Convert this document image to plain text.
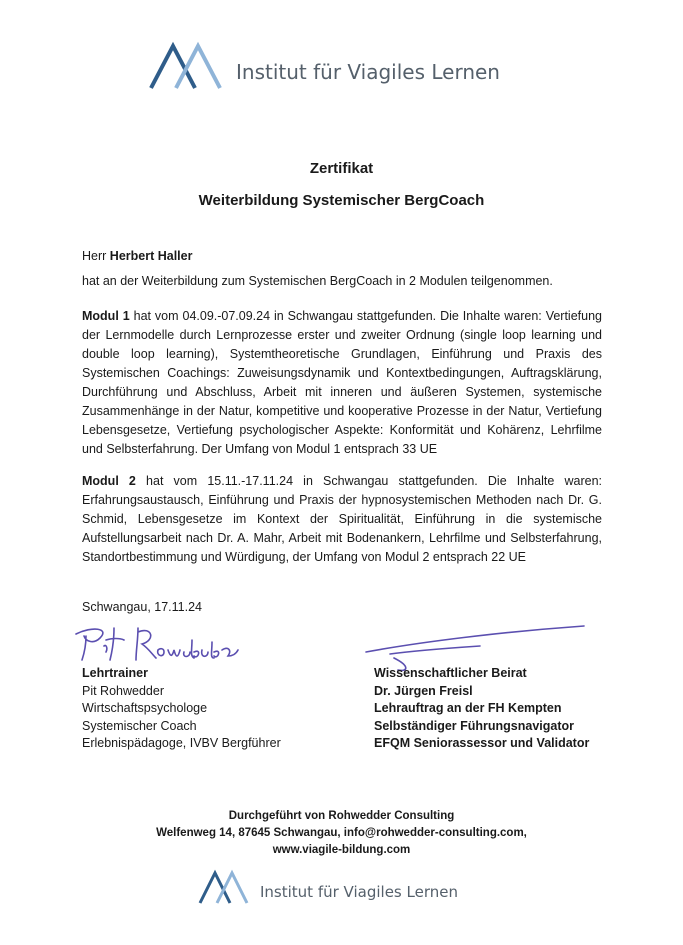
Institut für Viagiles Lernen
Zertifikat
Weiterbildung Systemischer BergCoach
Herr Herbert Haller
hat an der Weiterbildung zum Systemischen BergCoach in 2 Modulen teilgenommen.
Modul 1 hat vom 04.09.-07.09.24 in Schwangau stattgefunden. Die Inhalte waren: Vertiefung der Lernmodelle durch Lernprozesse erster und zweiter Ordnung (single loop learning und double loop learning), Systemtheoretische Grundlagen, Einführung und Praxis des Systemischen Coachings: Zuweisungsdynamik und Kontextbedingungen, Auftragsklärung, Durchführung und Abschluss, Arbeit mit inneren und äußeren Systemen, systemische Zusammenhänge in der Natur, kompetitive und kooperative Prozesse in der Natur, Vertiefung Lebensgesetze, Vertiefung psychologischer Aspekte: Konformität und Kohärenz, Lehrfilme und Selbsterfahrung. Der Umfang von Modul 1 entsprach 33 UE
Modul 2 hat vom 15.11.-17.11.24 in Schwangau stattgefunden. Die Inhalte waren: Erfahrungsaustausch, Einführung und Praxis der hypnosystemischen Methoden nach Dr. G. Schmid, Lebensgesetze im Kontext der Spiritualität, Einführung in die systemische Aufstellungsarbeit nach Dr. A. Mahr, Arbeit mit Bodenankern, Lehrfilme und Selbsterfahrung, Standortbestimmung und Würdigung, der Umfang von Modul 2 entsprach 22 UE
Schwangau, 17.11.24
Lehrtrainer
Pit Rohwedder
Wirtschaftspsychologe
Systemischer Coach
Erlebnispädagoge, IVBV Bergführer
Wissenschaftlicher Beirat
Dr. Jürgen Freisl
Lehrauftrag an der FH Kempten
Selbständiger Führungsnavigator
EFQM Seniorassessor und Validator
Durchgeführt von Rohwedder Consulting
Welfenweg 14, 87645 Schwangau, info@rohwedder-consulting.com,
www.viagile-bildung.com
Institut für Viagiles Lernen
